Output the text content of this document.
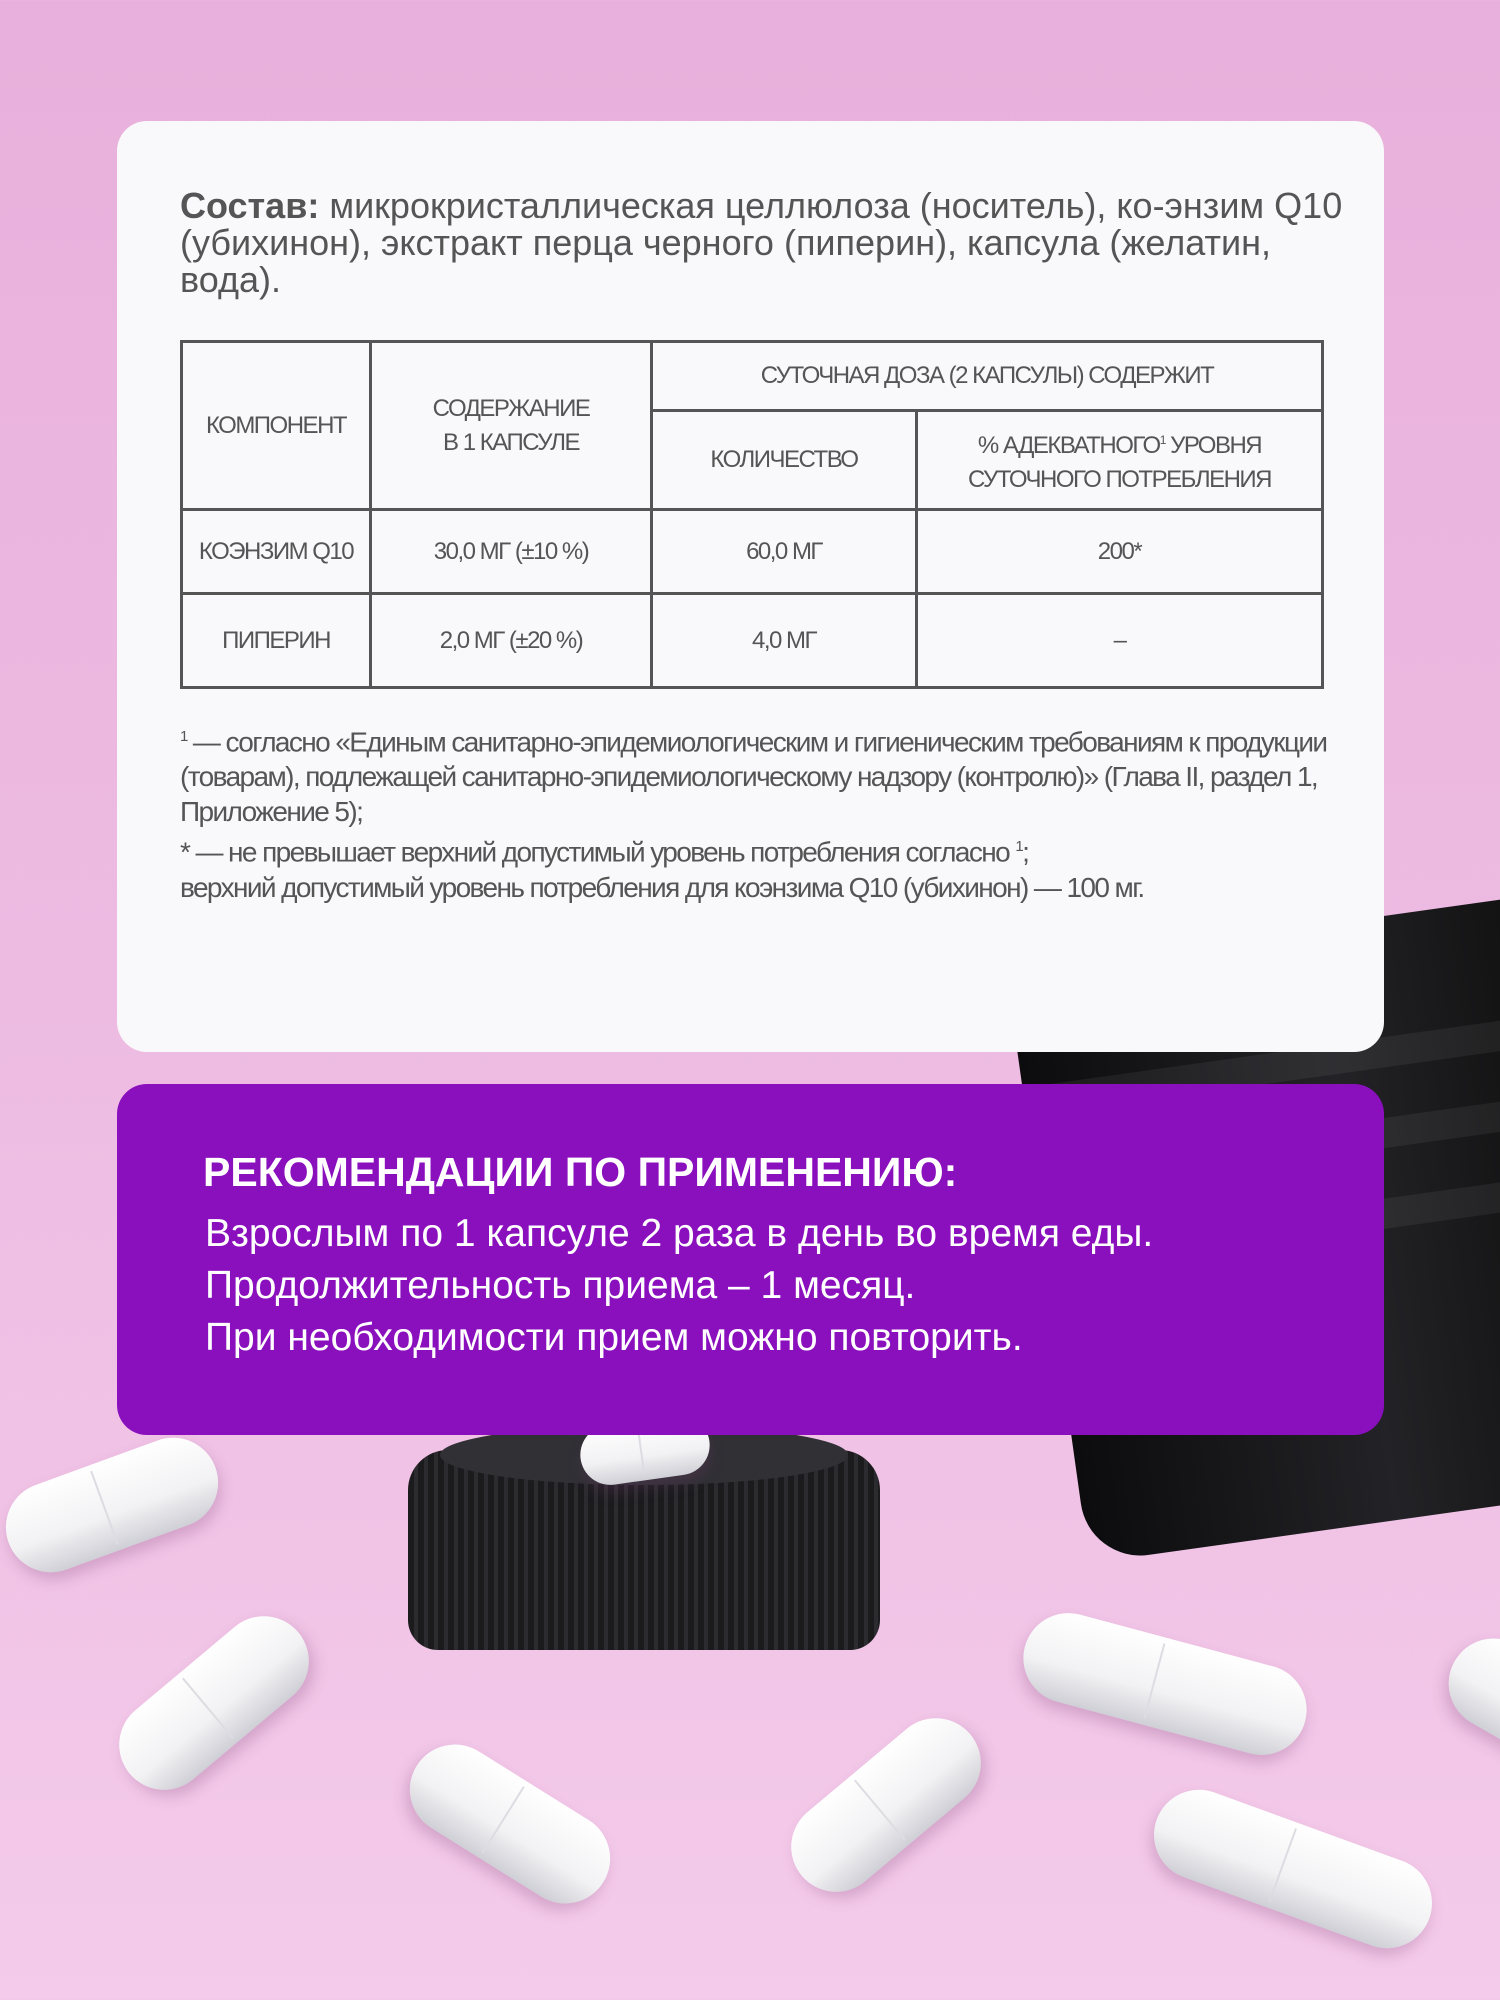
Состав: микрокристаллическая целлюлоза (носитель), ко-энзим Q10 (убихинон), экстракт перца черного (пиперин), капсула (желатин, вода).
КОМПОНЕНТ	СОДЕРЖАНИЕ В 1 КАПСУЛЕ	СУТОЧНАЯ ДОЗА (2 КАПСУЛЫ) СОДЕРЖИТ	
		КОЛИЧЕСТВО	% АДЕКВАТНОГО$^1$ УРОВНЯ СУТОЧНОГО ПОТРЕБЛЕНИЯ
КОЭНЗИМ Q10	30,0 МГ (±10 %)	60,0 МГ	200*
ПИПЕРИН	2,0 МГ (±20 %)	4,0 МГ	–
$^1$ — согласно «Единым санитарно-эпидемиологическим и гигиеническим требованиям к продукции (товарам), подлежащей санитарно-эпидемиологическому надзору (контролю)» (Глава II, раздел 1, Приложение 5);
* — не превышает верхний допустимый уровень потребления согласно $^1$;
верхний допустимый уровень потребления для коэнзима Q10 (убихинон) — 100 мг.
РЕКОМЕНДАЦИИ ПО ПРИМЕНЕНИЮ:

Взрослым по 1 капсуле 2 раза в день во время еды.

Продолжительность приема – 1 месяц.

При необходимости прием можно повторить.
